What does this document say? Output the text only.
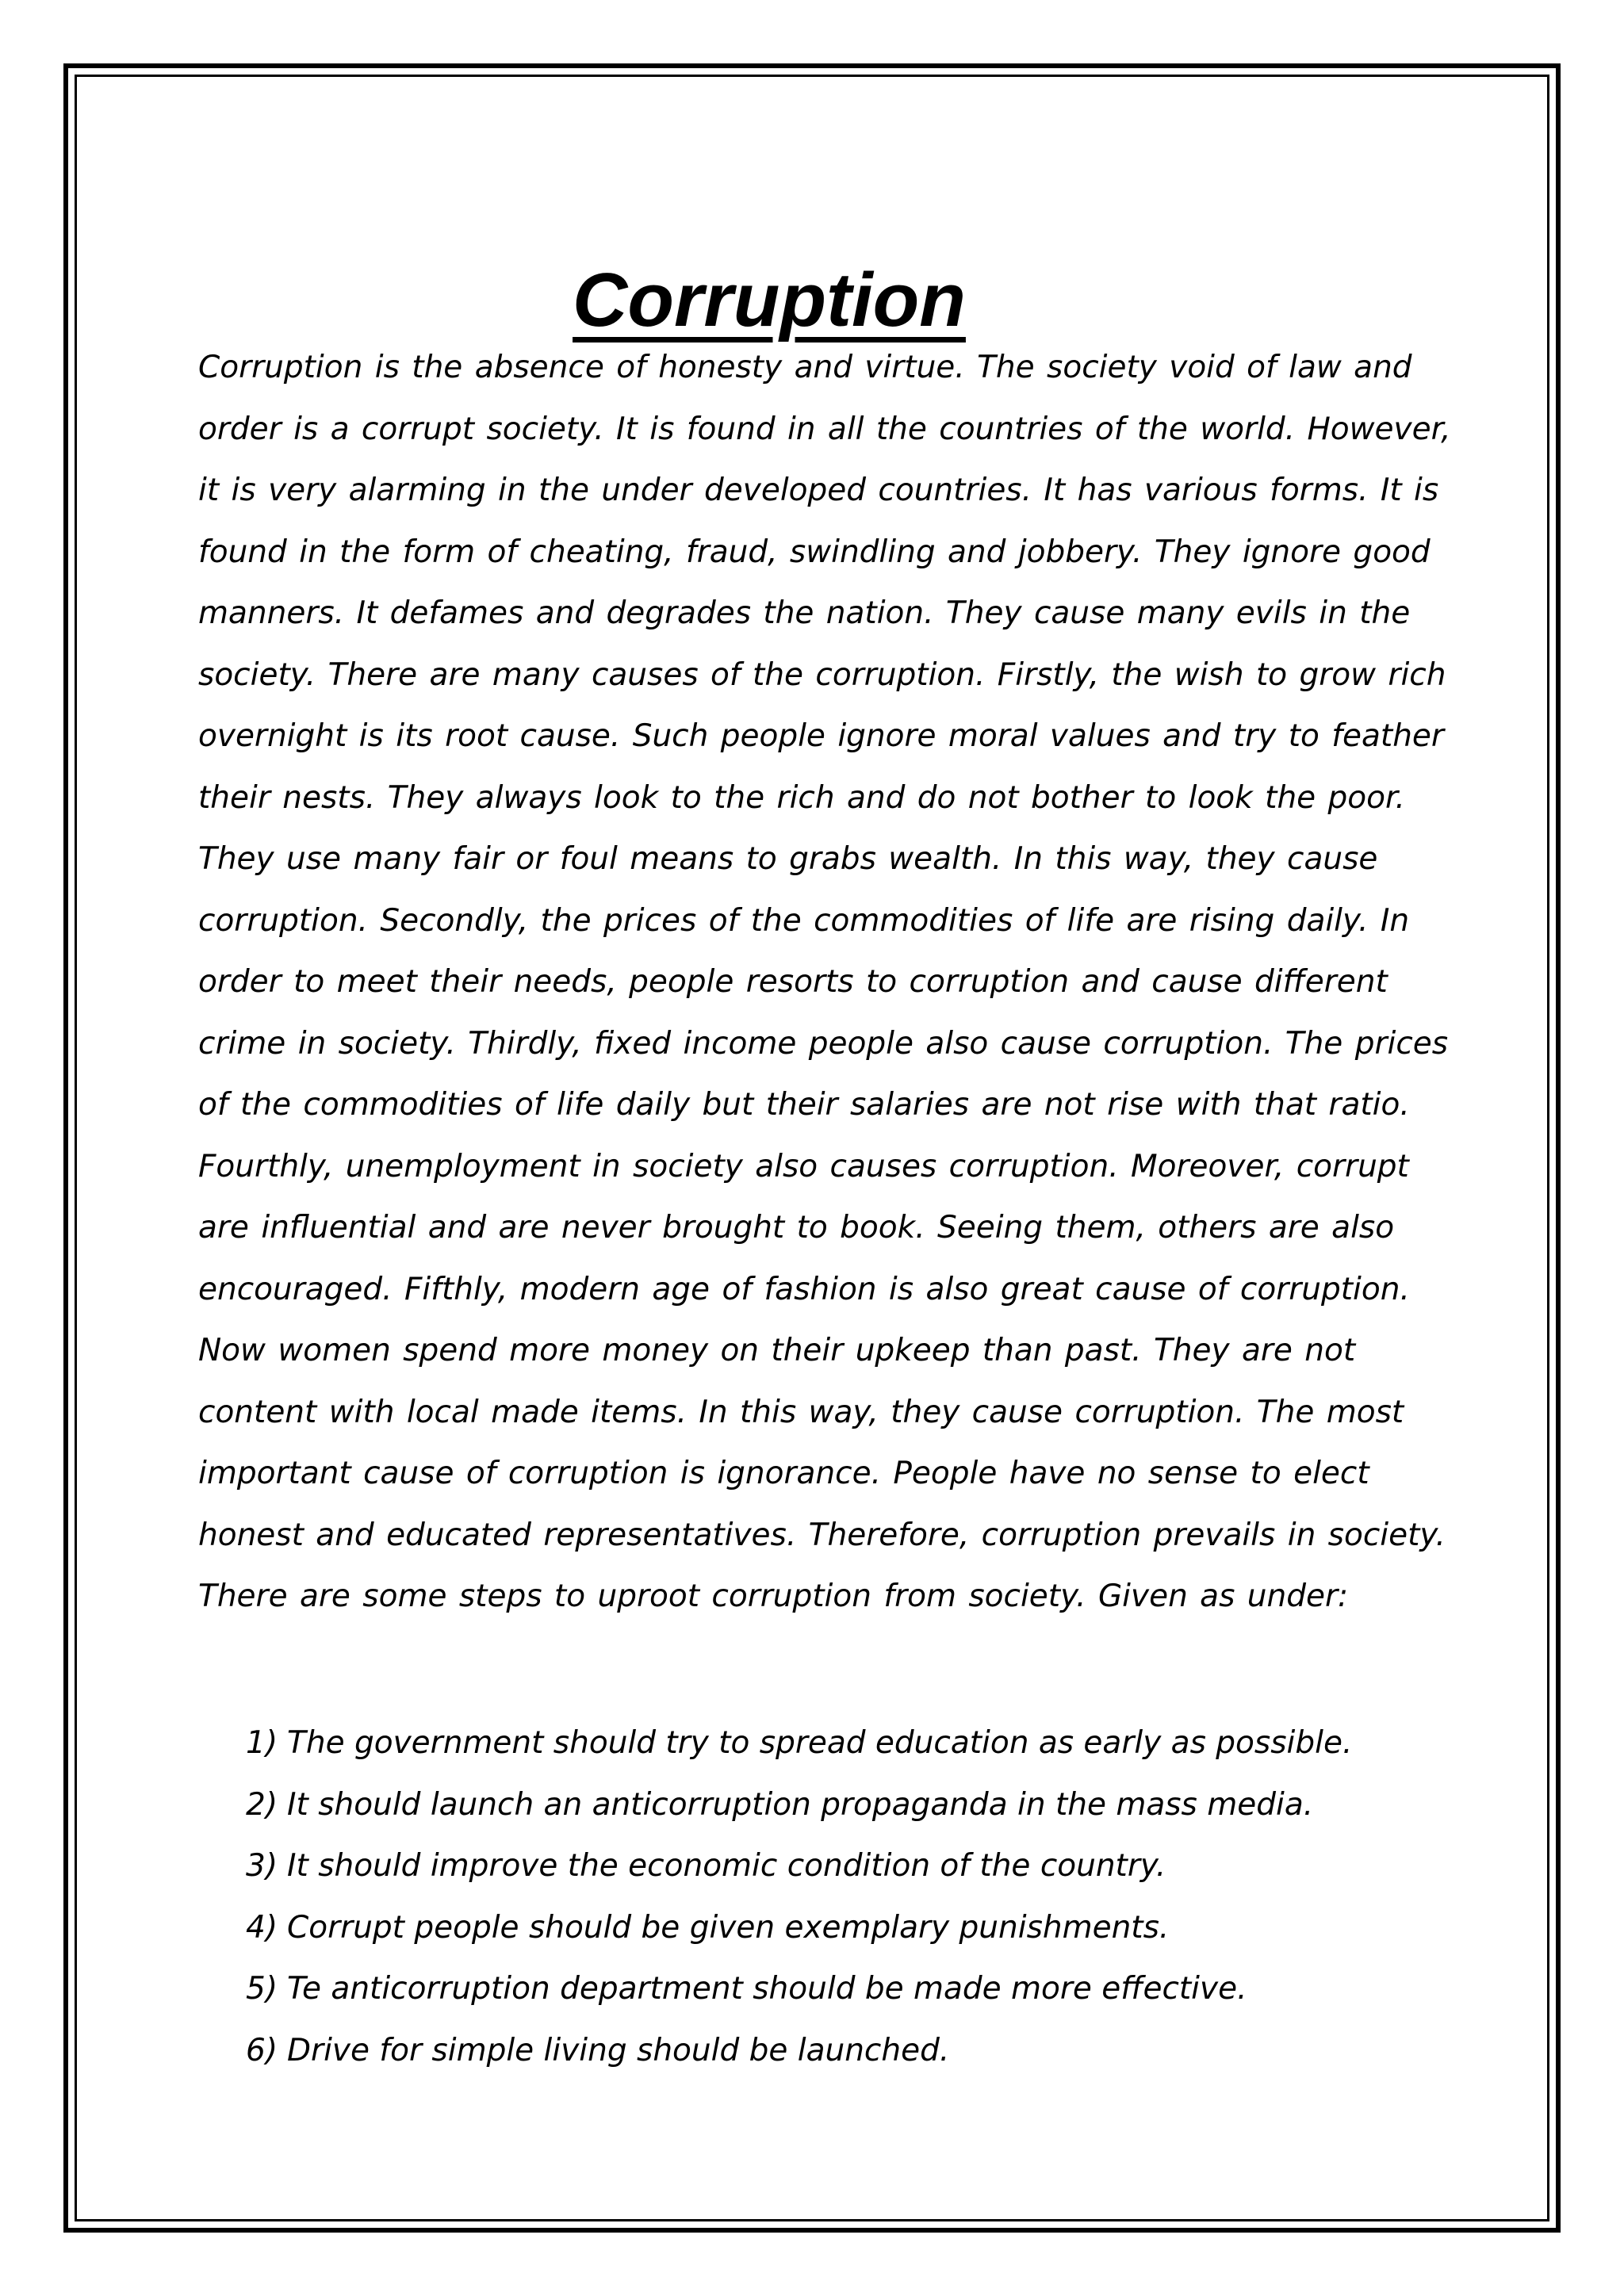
Corruption

Corruption is the absence of honesty and virtue. The society void of law and order is a corrupt society. It is found in all the countries of the world. However, it is very alarming in the under developed countries. It has various forms. It is found in the form of cheating, fraud, swindling and jobbery. They ignore good manners. It defames and degrades the nation. They cause many evils in the society. There are many causes of the corruption. Firstly, the wish to grow rich overnight is its root cause. Such people ignore moral values and try to feather their nests. They always look to the rich and do not bother to look the poor. They use many fair or foul means to grabs wealth. In this way, they cause corruption. Secondly, the prices of the commodities of life are rising daily. In order to meet their needs, people resorts to corruption and cause different crime in society. Thirdly, fixed income people also cause corruption. The prices of the commodities of life daily but their salaries are not rise with that ratio. Fourthly, unemployment in society also causes corruption. Moreover, corrupt are influential and are never brought to book. Seeing them, others are also encouraged. Fifthly, modern age of fashion is also great cause of corruption. Now women spend more money on their upkeep than past. They are not content with local made items. In this way, they cause corruption. The most important cause of corruption is ignorance. People have no sense to elect honest and educated representatives. Therefore, corruption prevails in society. There are some steps to uproot corruption from society. Given as under:

1) The government should try to spread education as early as possible.
2) It should launch an anticorruption propaganda in the mass media.
3) It should improve the economic condition of the country.
4) Corrupt people should be given exemplary punishments.
5) Te anticorruption department should be made more effective.
6) Drive for simple living should be launched.
